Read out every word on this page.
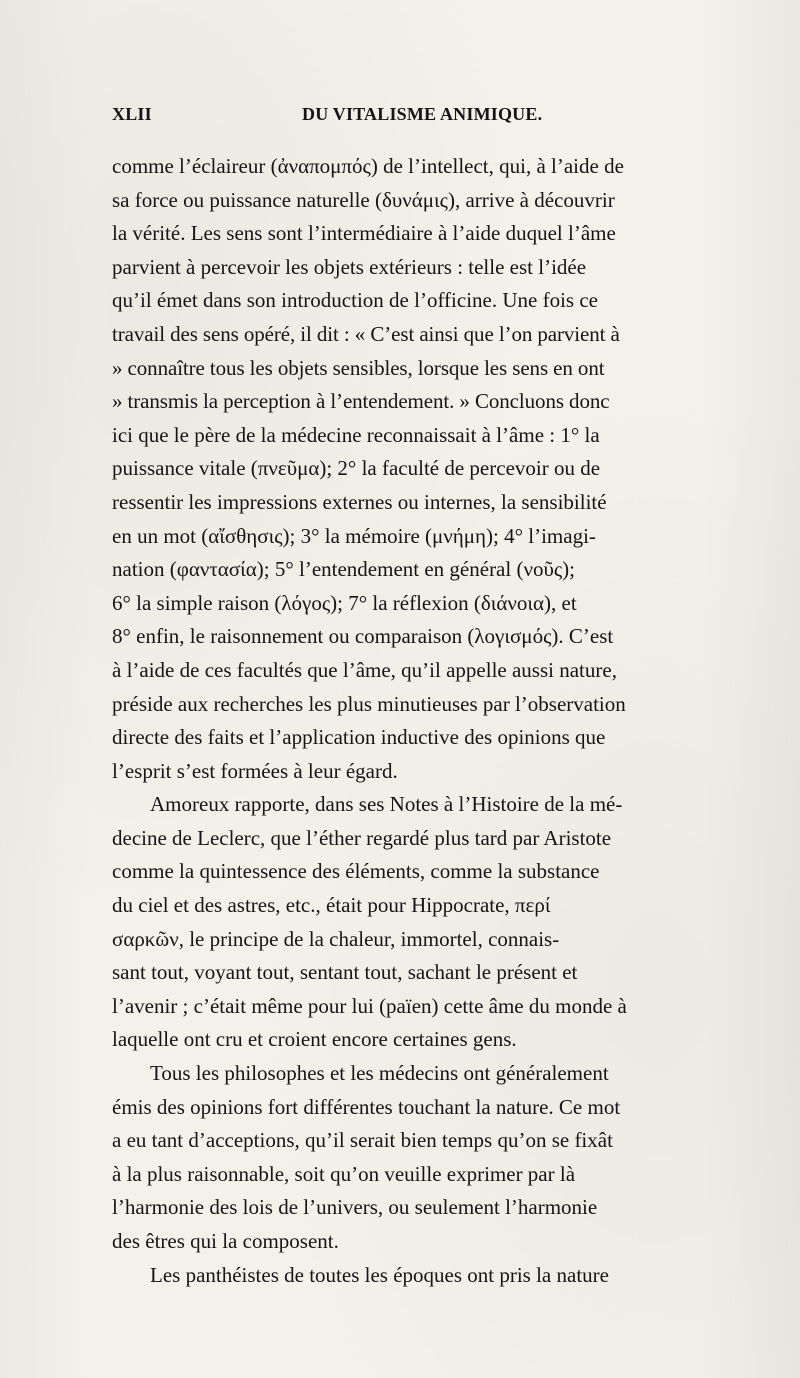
XLII	DU VITALISME ANIMIQUE.

comme l’éclaireur (ἀναπομπός) de l’intellect, qui, à l’aide de
sa force ou puissance naturelle (δυνάμις), arrive à découvrir
la vérité. Les sens sont l’intermédiaire à l’aide duquel l’âme
parvient à percevoir les objets extérieurs : telle est l’idée
qu’il émet dans son introduction de l’officine. Une fois ce
travail des sens opéré, il dit : « C’est ainsi que l’on parvient à
» connaître tous les objets sensibles, lorsque les sens en ont
» transmis la perception à l’entendement. » Concluons donc
ici que le père de la médecine reconnaissait à l’âme : 1° la
puissance vitale (πνεῦμα); 2° la faculté de percevoir ou de
ressentir les impressions externes ou internes, la sensibilité
en un mot (αἴσθησις); 3° la mémoire (μνήμη); 4° l’imagi-
nation (φαντασία); 5° l’entendement en général (νοῦς);
6° la simple raison (λόγος); 7° la réflexion (διάνοια), et
8° enfin, le raisonnement ou comparaison (λογισμός). C’est
à l’aide de ces facultés que l’âme, qu’il appelle aussi nature,
préside aux recherches les plus minutieuses par l’observation
directe des faits et l’application inductive des opinions que
l’esprit s’est formées à leur égard.

Amoreux rapporte, dans ses Notes à l’Histoire de la mé-
decine de Leclerc, que l’éther regardé plus tard par Aristote
comme la quintessence des éléments, comme la substance
du ciel et des astres, etc., était pour Hippocrate, περί
σαρκῶν, le principe de la chaleur, immortel, connais-
sant tout, voyant tout, sentant tout, sachant le présent et
l’avenir ; c’était même pour lui (païen) cette âme du monde à
laquelle ont cru et croient encore certaines gens.

Tous les philosophes et les médecins ont généralement
émis des opinions fort différentes touchant la nature. Ce mot
a eu tant d’acceptions, qu’il serait bien temps qu’on se fixât
à la plus raisonnable, soit qu’on veuille exprimer par là
l’harmonie des lois de l’univers, ou seulement l’harmonie
des êtres qui la composent.

Les panthéistes de toutes les époques ont pris la nature
